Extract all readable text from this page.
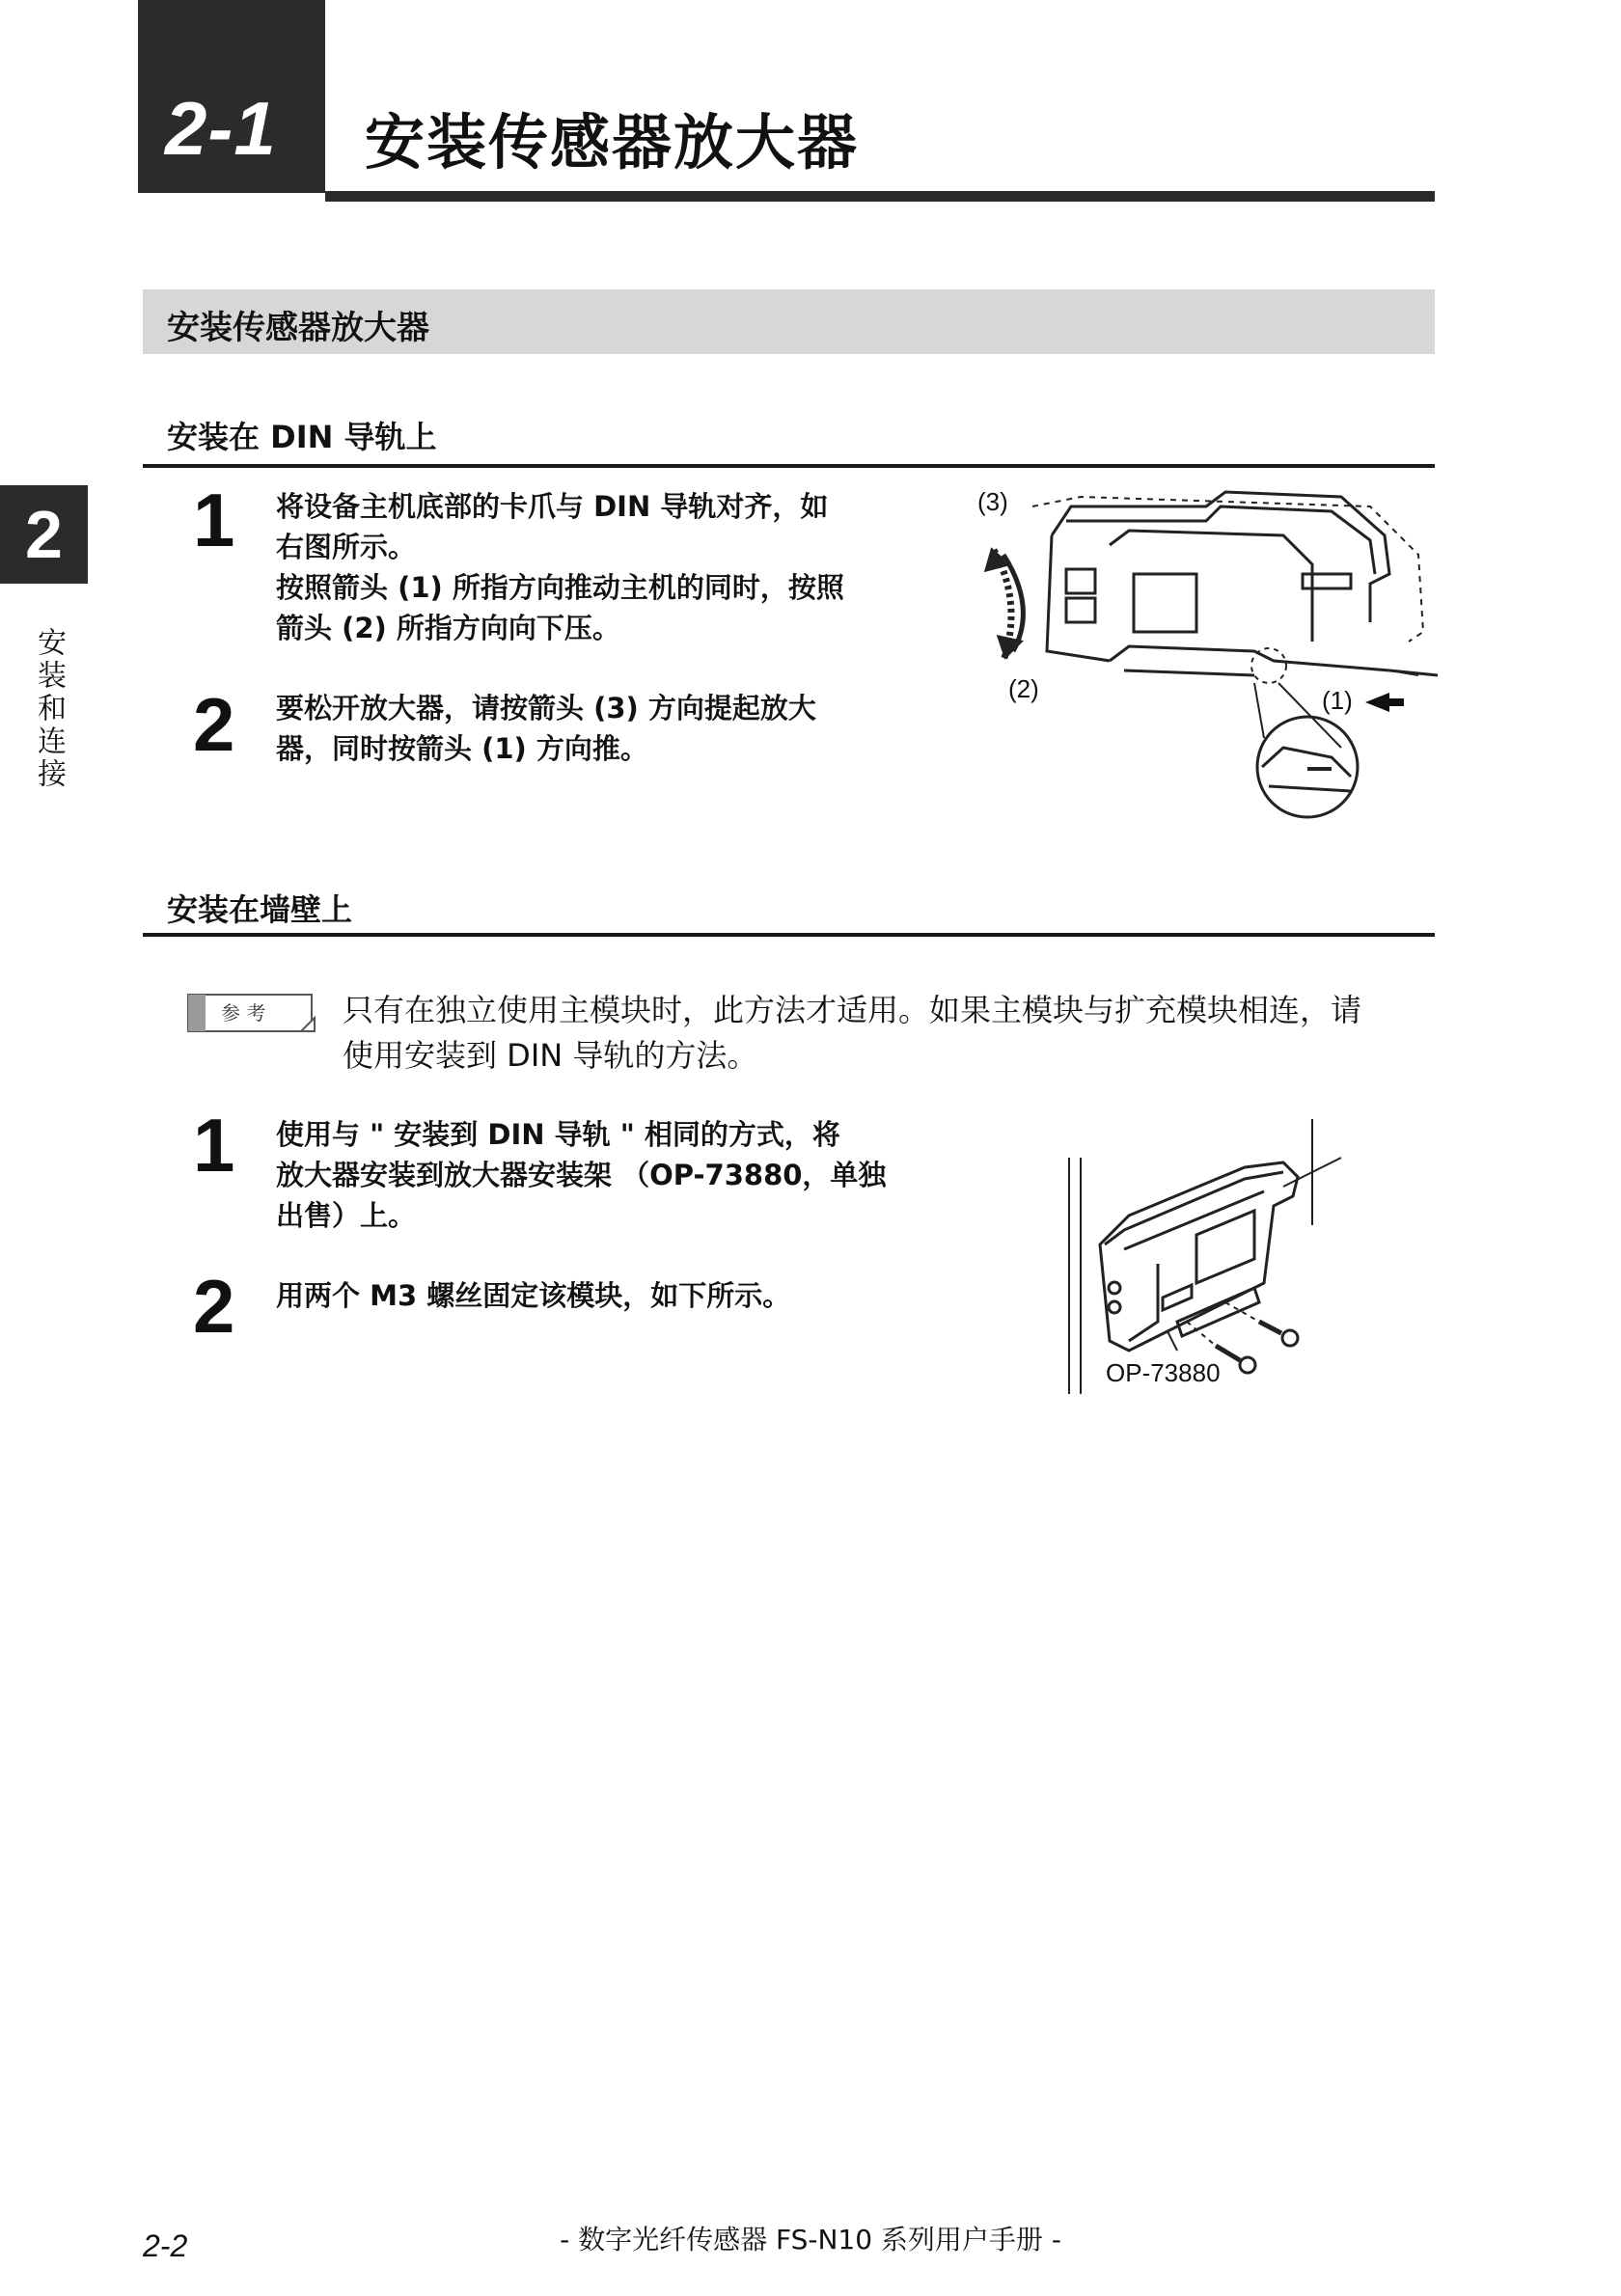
2-1 安装传感器放大器
安装传感器放大器
2
安装和连接
安装在 DIN 导轨上
1 将设备主机底部的卡爪与 DIN 导轨对齐，如
右图所示。
按照箭头 (1) 所指方向推动主机的同时，按照
箭头 (2) 所指方向向下压。
2 要松开放大器，请按箭头 (3) 方向提起放大
器，同时按箭头 (1) 方向推。
(3)
(2)	(1)
安装在墙壁上
参 考 只有在独立使用主模块时，此方法才适用。如果主模块与扩充模块相连，请
使用安装到 DIN 导轨的方法。
1 使用与 " 安装到 DIN 导轨 " 相同的方式，将
放大器安装到放大器安装架 （OP-73880，单独
出售）上。
2 用两个 M3 螺丝固定该模块，如下所示。
OP-73880
2-2	- 数字光纤传感器 FS-N10 系列用户手册 -
